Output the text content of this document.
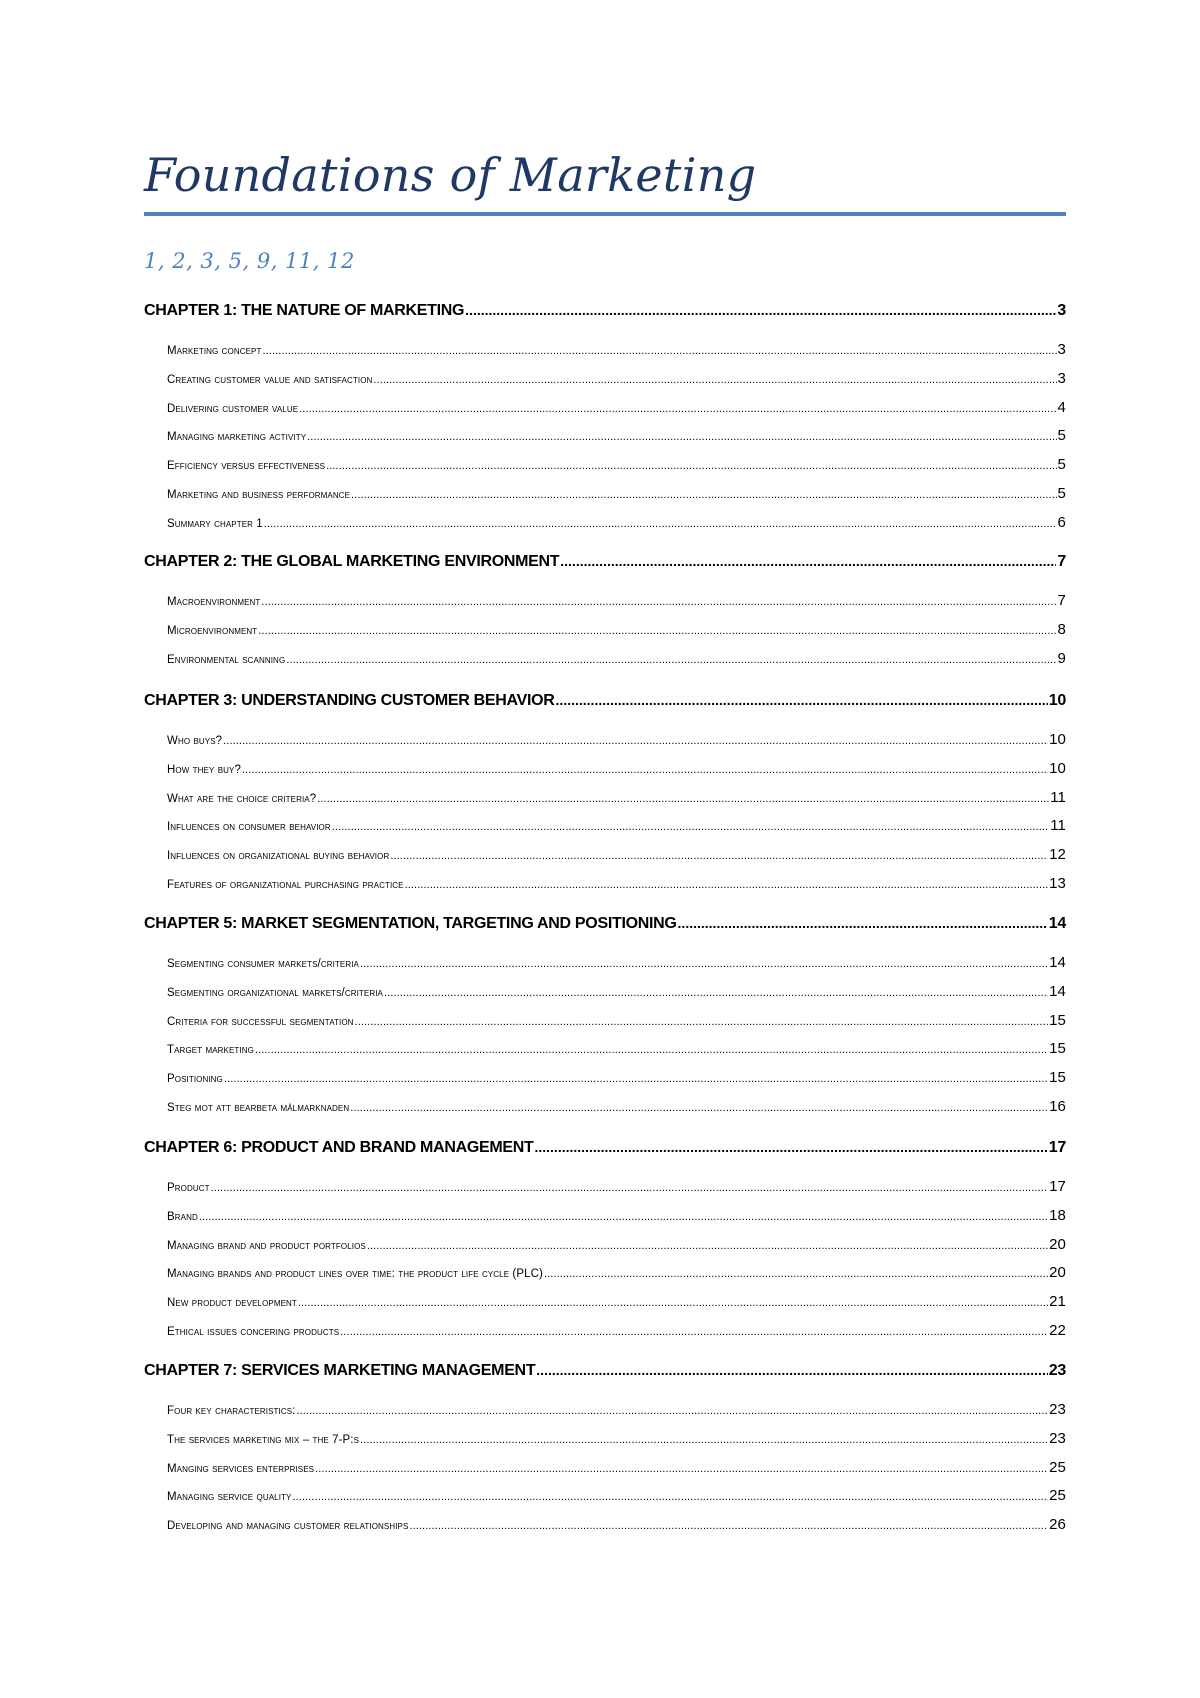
Foundations of Marketing
1, 2, 3, 5, 9, 11, 12
CHAPTER 1: THE NATURE OF MARKETING .....	3
Marketing concept .....	3
Creating customer value and satisfaction .....	3
Delivering customer value .....	4
Managing marketing activity .....	5
Efficiency versus effectiveness .....	5
Marketing and business performance .....	5
Summary chapter 1 .....	6
CHAPTER 2: THE GLOBAL MARKETING ENVIRONMENT .....	7
Macroenvironment .....	7
Microenvironment .....	8
Environmental scanning .....	9
CHAPTER 3: UNDERSTANDING CUSTOMER BEHAVIOR .....	10
Who buys? .....	10
How they buy? .....	10
What are the choice criteria? .....	11
Influences on consumer behavior .....	11
Influences on organizational buying behavior .....	12
Features of organizational purchasing practice .....	13
CHAPTER 5: MARKET SEGMENTATION, TARGETING AND POSITIONING .....	14
Segmenting consumer markets/criteria .....	14
Segmenting organizational markets/criteria .....	14
Criteria for successful segmentation .....	15
Target marketing .....	15
Positioning .....	15
Steg mot att bearbeta målmarknaden .....	16
CHAPTER 6: PRODUCT AND BRAND MANAGEMENT .....	17
Product .....	17
Brand .....	18
Managing brand and product portfolios .....	20
Managing brands and product lines over time: the product life cycle (PLC) .....	20
New product development .....	21
Ethical issues concering products .....	22
CHAPTER 7: SERVICES MARKETING MANAGEMENT .....	23
Four key characteristics: .....	23
The services marketing mix – the 7-P:s .....	23
Manging services enterprises .....	25
Managing service quality .....	25
Developing and managing customer relationships .....	26
